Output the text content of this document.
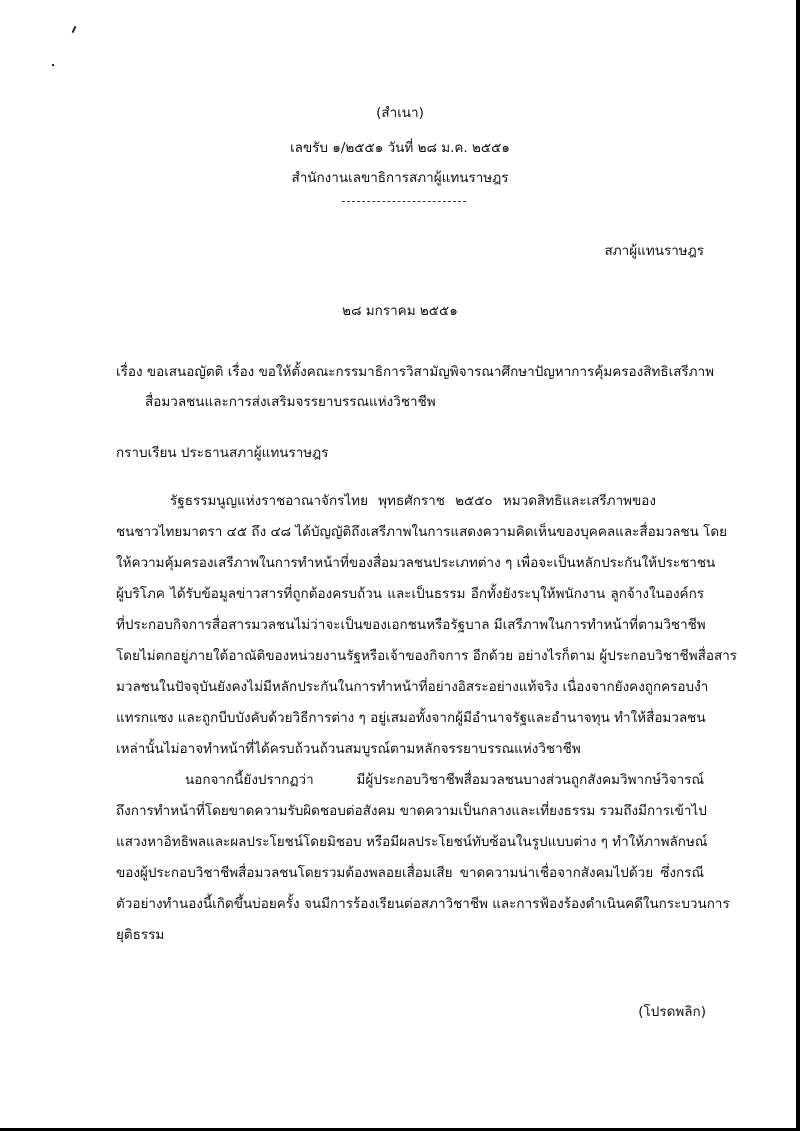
(สำเนา)
เลขรับ ๑/๒๕๕๑ วันที่ ๒๘ ม.ค. ๒๕๕๑
สำนักงานเลขาธิการสภาผู้แทนราษฎร
สภาผู้แทนราษฎร
๒๘ มกราคม ๒๕๕๑
เรื่อง ขอเสนอญัตติ เรื่อง ขอให้ตั้งคณะกรรมาธิการวิสามัญพิจารณาศึกษาปัญหาการคุ้มครองสิทธิเสรีภาพ
สื่อมวลชนและการส่งเสริมจรรยาบรรณแห่งวิชาชีพ
กราบเรียน ประธานสภาผู้แทนราษฎร
รัฐธรรมนูญแห่งราชอาณาจักรไทย พุทธศักราช ๒๕๕๐ หมวดสิทธิและเสรีภาพของ
ชนชาวไทยมาตรา ๔๕ ถึง ๔๘ ได้บัญญัติถึงเสรีภาพในการแสดงความคิดเห็นของบุคคลและสื่อมวลชน โดย
ให้ความคุ้มครองเสรีภาพในการทำหน้าที่ของสื่อมวลชนประเภทต่าง ๆ เพื่อจะเป็นหลักประกันให้ประชาชน
ผู้บริโภค ได้รับข้อมูลข่าวสารที่ถูกต้องครบถ้วน และเป็นธรรม อีกทั้งยังระบุให้พนักงาน ลูกจ้างในองค์กร
ที่ประกอบกิจการสื่อสารมวลชนไม่ว่าจะเป็นของเอกชนหรือรัฐบาล มีเสรีภาพในการทำหน้าที่ตามวิชาชีพ
โดยไม่ตกอยู่ภายใต้อาณัติของหน่วยงานรัฐหรือเจ้าของกิจการ อีกด้วย อย่างไรก็ตาม ผู้ประกอบวิชาชีพสื่อสาร
มวลชนในปัจจุบันยังคงไม่มีหลักประกันในการทำหน้าที่อย่างอิสระอย่างแท้จริง เนื่องจากยังคงถูกครอบงำ
แทรกแซง และถูกบีบบังคับด้วยวิธีการต่าง ๆ อยู่เสมอทั้งจากผู้มีอำนาจรัฐและอำนาจทุน ทำให้สื่อมวลชน
เหล่านั้นไม่อาจทำหน้าที่ได้ครบถ้วนถ้วนสมบูรณ์ตามหลักจรรยาบรรณแห่งวิชาชีพ
นอกจากนี้ยังปรากฏว่า มีผู้ประกอบวิชาชีพสื่อมวลชนบางส่วนถูกสังคมวิพากษ์วิจารณ์
ถึงการทำหน้าที่โดยขาดความรับผิดชอบต่อสังคม ขาดความเป็นกลางและเที่ยงธรรม รวมถึงมีการเข้าไป
แสวงหาอิทธิพลและผลประโยชน์โดยมิชอบ หรือมีผลประโยชน์ทับซ้อนในรูปแบบต่าง ๆ ทำให้ภาพลักษณ์
ของผู้ประกอบวิชาชีพสื่อมวลชนโดยรวมต้องพลอยเสื่อมเสีย ขาดความน่าเชื่อจากสังคมไปด้วย ซึ่งกรณี
ตัวอย่างทำนองนี้เกิดขึ้นบ่อยครั้ง จนมีการร้องเรียนต่อสภาวิชาชีพ และการฟ้องร้องดำเนินคดีในกระบวนการ
ยุติธรรม
(โปรดพลิก)
